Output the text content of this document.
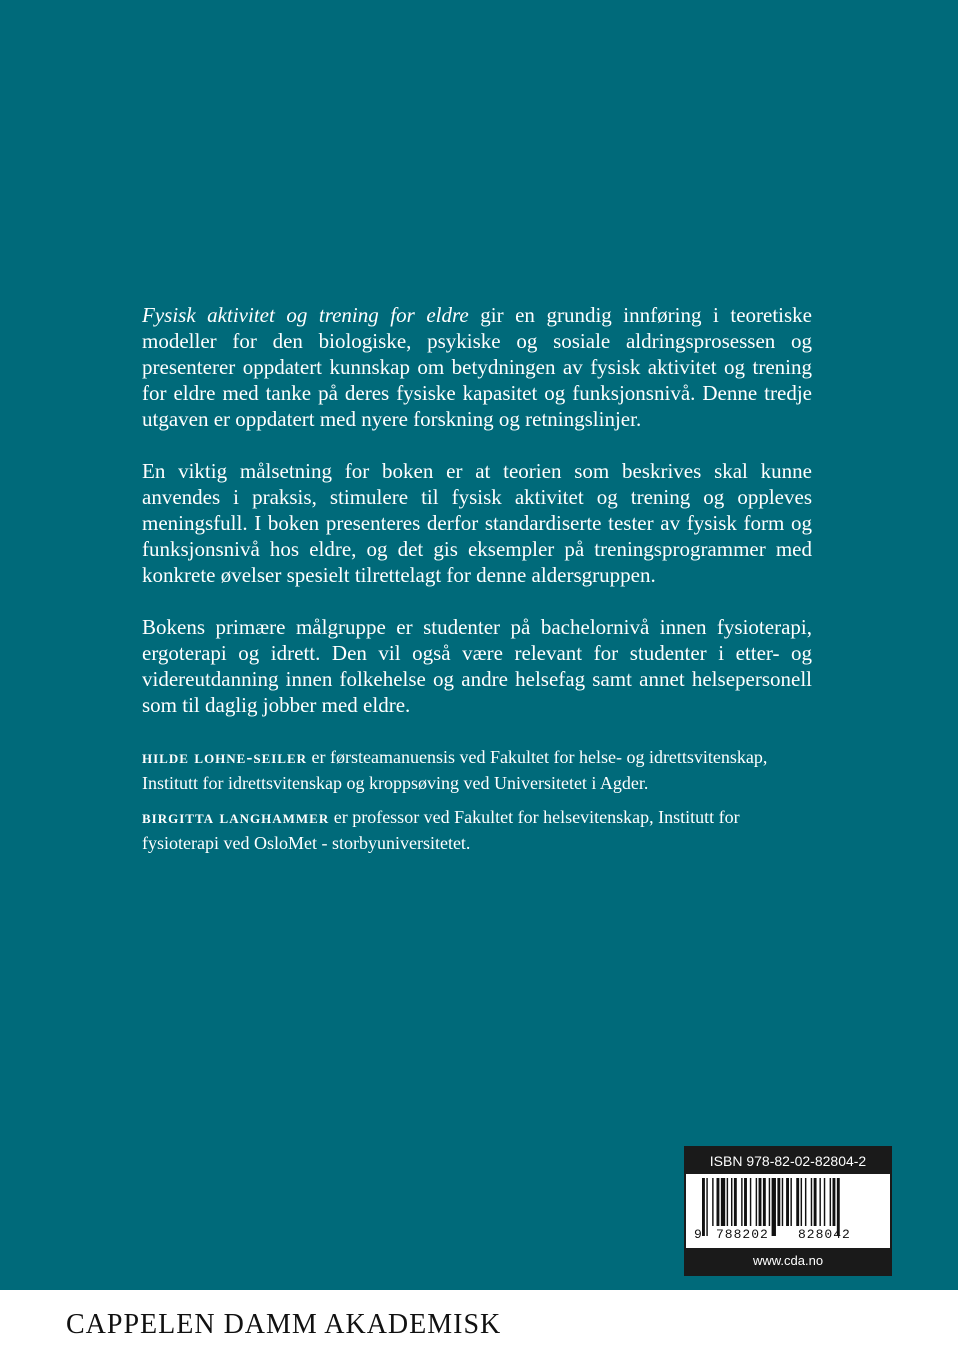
Fysisk aktivitet og trening for eldre gir en grundig innføring i teoretiske modeller for den biologiske, psykiske og sosiale aldringsprosessen og presenterer oppdatert kunnskap om betydningen av fysisk aktivitet og trening for eldre med tanke på deres fysiske kapasitet og funksjonsnivå. Denne tredje utgaven er oppdatert med nyere forskning og retningslinjer.

En viktig målsetning for boken er at teorien som beskrives skal kunne anvendes i praksis, stimulere til fysisk aktivitet og trening og oppleves meningsfull. I boken presenteres derfor standardiserte tester av fysisk form og funksjonsnivå hos eldre, og det gis eksempler på treningsprogrammer med konkrete øvelser spesielt tilrettelagt for denne aldersgruppen.

Bokens primære målgruppe er studenter på bachelornivå innen fysioterapi, ergoterapi og idrett. Den vil også være relevant for studenter i etter- og videreutdanning innen folkehelse og andre helsefag samt annet helsepersonell som til daglig jobber med eldre.

hilde lohne-seiler er førsteamanuensis ved Fakultet for helse- og idrettsvitenskap, Institutt for idrettsvitenskap og kroppsøving ved Universitetet i Agder.

birgitta langhammer er professor ved Fakultet for helsevitenskap, Institutt for fysioterapi ved OsloMet - storbyuniversitetet.

ISBN 978-82-02-82804-2
9 788202 828042
www.cda.no
CAPPELEN DAMM AKADEMISK
